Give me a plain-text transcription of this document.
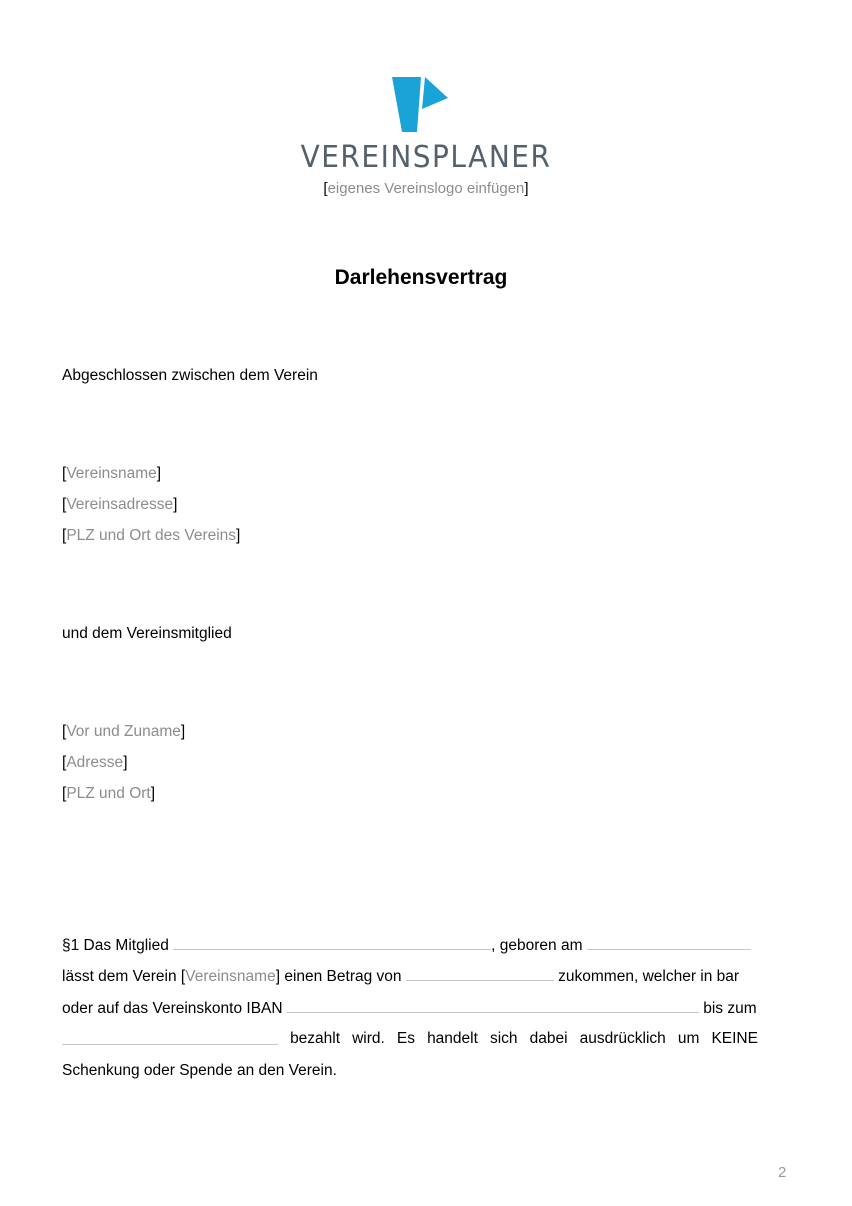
VEREINSPLANER
[eigenes Vereinslogo einfügen]
Darlehensvertrag
Abgeschlossen zwischen dem Verein
[Vereinsname]
[Vereinsadresse]
[PLZ und Ort des Vereins]
und dem Vereinsmitglied
[Vor und Zuname]
[Adresse]
[PLZ und Ort]
§1 Das Mitglied	, geboren am
lässt dem Verein [Vereinsname] einen Betrag von	zukommen, welcher in bar
oder auf das Vereinskonto IBAN	bis zum
bezahlt wird. Es handelt sich dabei ausdrücklich um KEINE
Schenkung oder Spende an den Verein.
2
